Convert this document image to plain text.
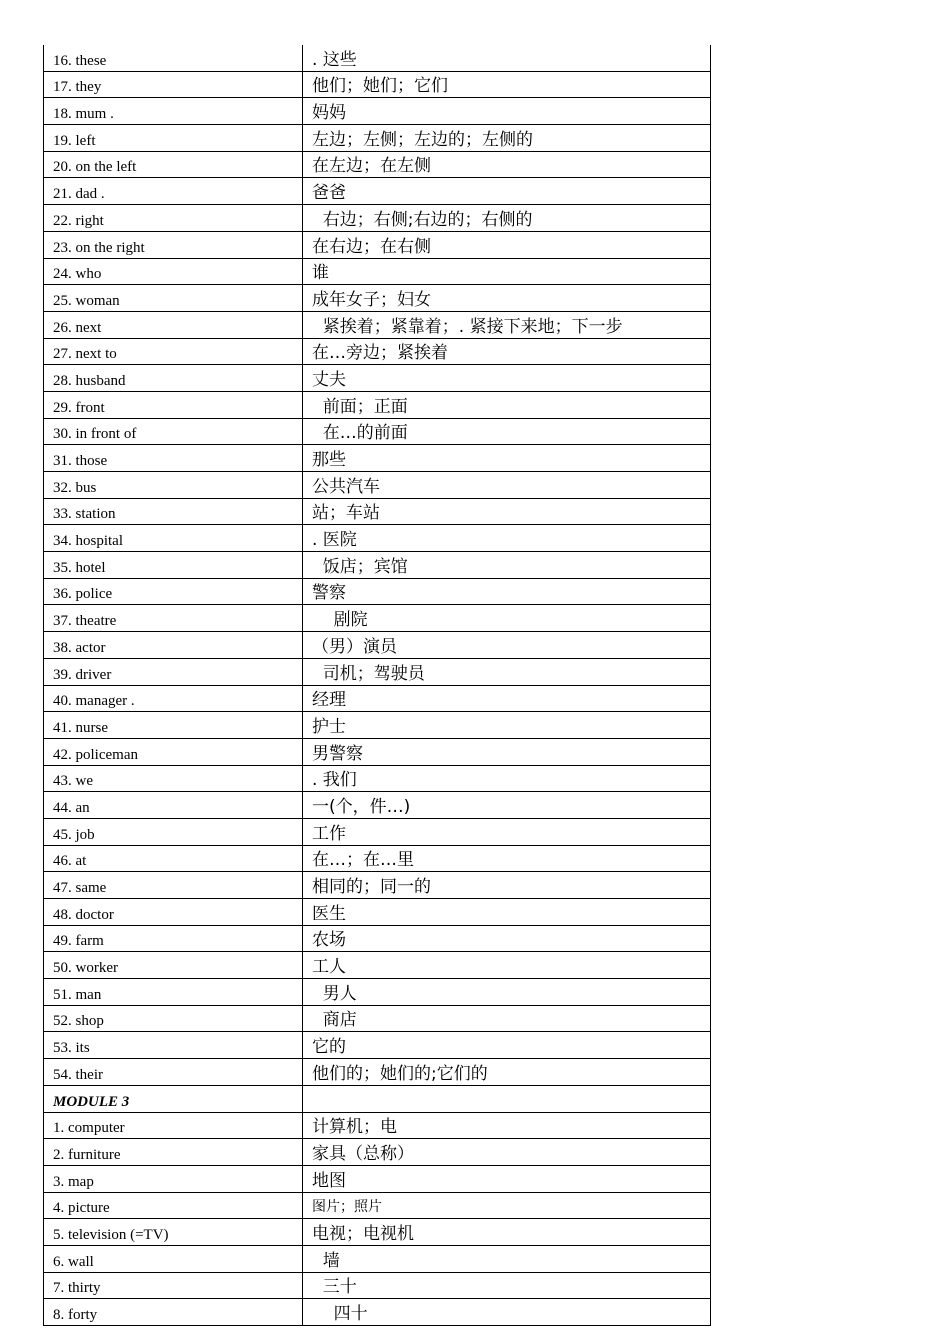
16. these	. 这些
17. they	他们；她们；它们
18. mum .	妈妈
19. left	左边；左侧；左边的；左侧的
20. on the left	在左边；在左侧
21. dad .	爸爸
22. right	右边；右侧;右边的；右侧的
23. on the right	在右边；在右侧
24. who	谁
25. woman	成年女子；妇女
26. next	紧挨着；紧靠着；. 紧接下来地；下一步
27. next to	在…旁边；紧挨着
28. husband	丈夫
29. front	前面；正面
30. in front of	在…的前面
31. those	那些
32. bus	公共汽车
33. station	站；车站
34. hospital	. 医院
35. hotel	饭店；宾馆
36. police	警察
37. theatre	剧院
38. actor	（男）演员
39. driver	司机；驾驶员
40. manager .	经理
41. nurse	护士
42. policeman	男警察
43. we	. 我们
44. an	一(个，件…)
45. job	工作
46. at	在…；在…里
47. same	相同的；同一的
48. doctor	医生
49. farm	农场
50. worker	工人
51. man	男人
52. shop	商店
53. its	它的
54. their	他们的；她们的;它们的
MODULE 3	
1. computer	计算机；电
2. furniture	家具（总称）
3. map	地图
4. picture	图片；照片
5. television (=TV)	电视；电视机
6. wall	墙
7. thirty	三十
8. forty	四十
